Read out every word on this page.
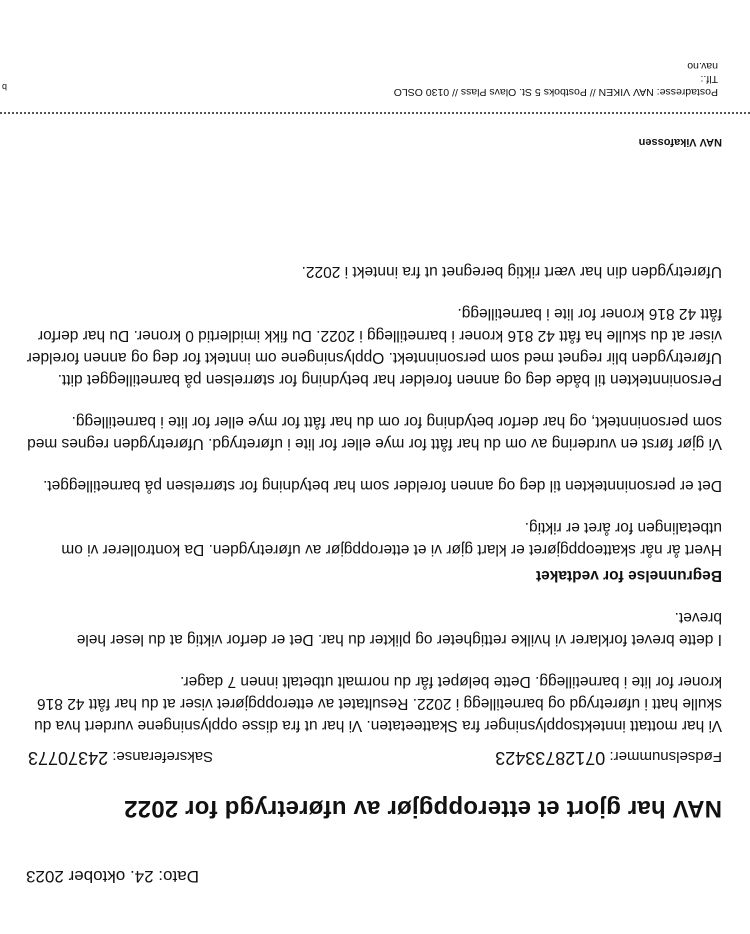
Dato: 24. oktober 2023
NAV har gjort et etteroppgjør av uføretrygd for 2022
Fødselsnummer: 07128733423
Saksreferanse: 24370773

Vi har mottatt inntektsopplysninger fra Skatteetaten. Vi har ut fra disse opplysningene vurdert hva du skulle hatt i uføretrygd og barnetillegg i 2022. Resultatet av etteroppgjøret viser at du har fått 42 816 kroner for lite i barnetillegg. Dette beløpet får du normalt utbetalt innen 7 dager.

I dette brevet forklarer vi hvilke rettigheter og plikter du har. Det er derfor viktig at du leser hele brevet.

Begrunnelse for vedtaket

Hvert år når skatteoppgjøret er klart gjør vi et etteroppgjør av uføretrygden. Da kontrollerer vi om utbetalingen for året er riktig.

Det er personinntekten til deg og annen forelder som har betydning for størrelsen på barnetillegget.

Vi gjør først en vurdering av om du har fått for mye eller for lite i uføretrygd. Uføretrygden regnes med som personinntekt, og har derfor betydning for om du har fått for mye eller for lite i barnetillegg.

Personinntekten til både deg og annen forelder har betydning for størrelsen på barnetillegget ditt. Uføretrygden blir regnet med som personinntekt. Opplysningene om inntekt for deg og annen forelder viser at du skulle ha fått 42 816 kroner i barnetillegg i 2022. Du fikk imidlertid 0 kroner. Du har derfor fått 42 816 kroner for lite i barnetillegg.

Uføretrygden din har vært riktig beregnet ut fra inntekt i 2022.

NAV Vikafossen
Postadresse: NAV VIKEN // Postboks 5 St. Olavs Plass // 0130 OSLO
Tlf.:
nav.no
b
